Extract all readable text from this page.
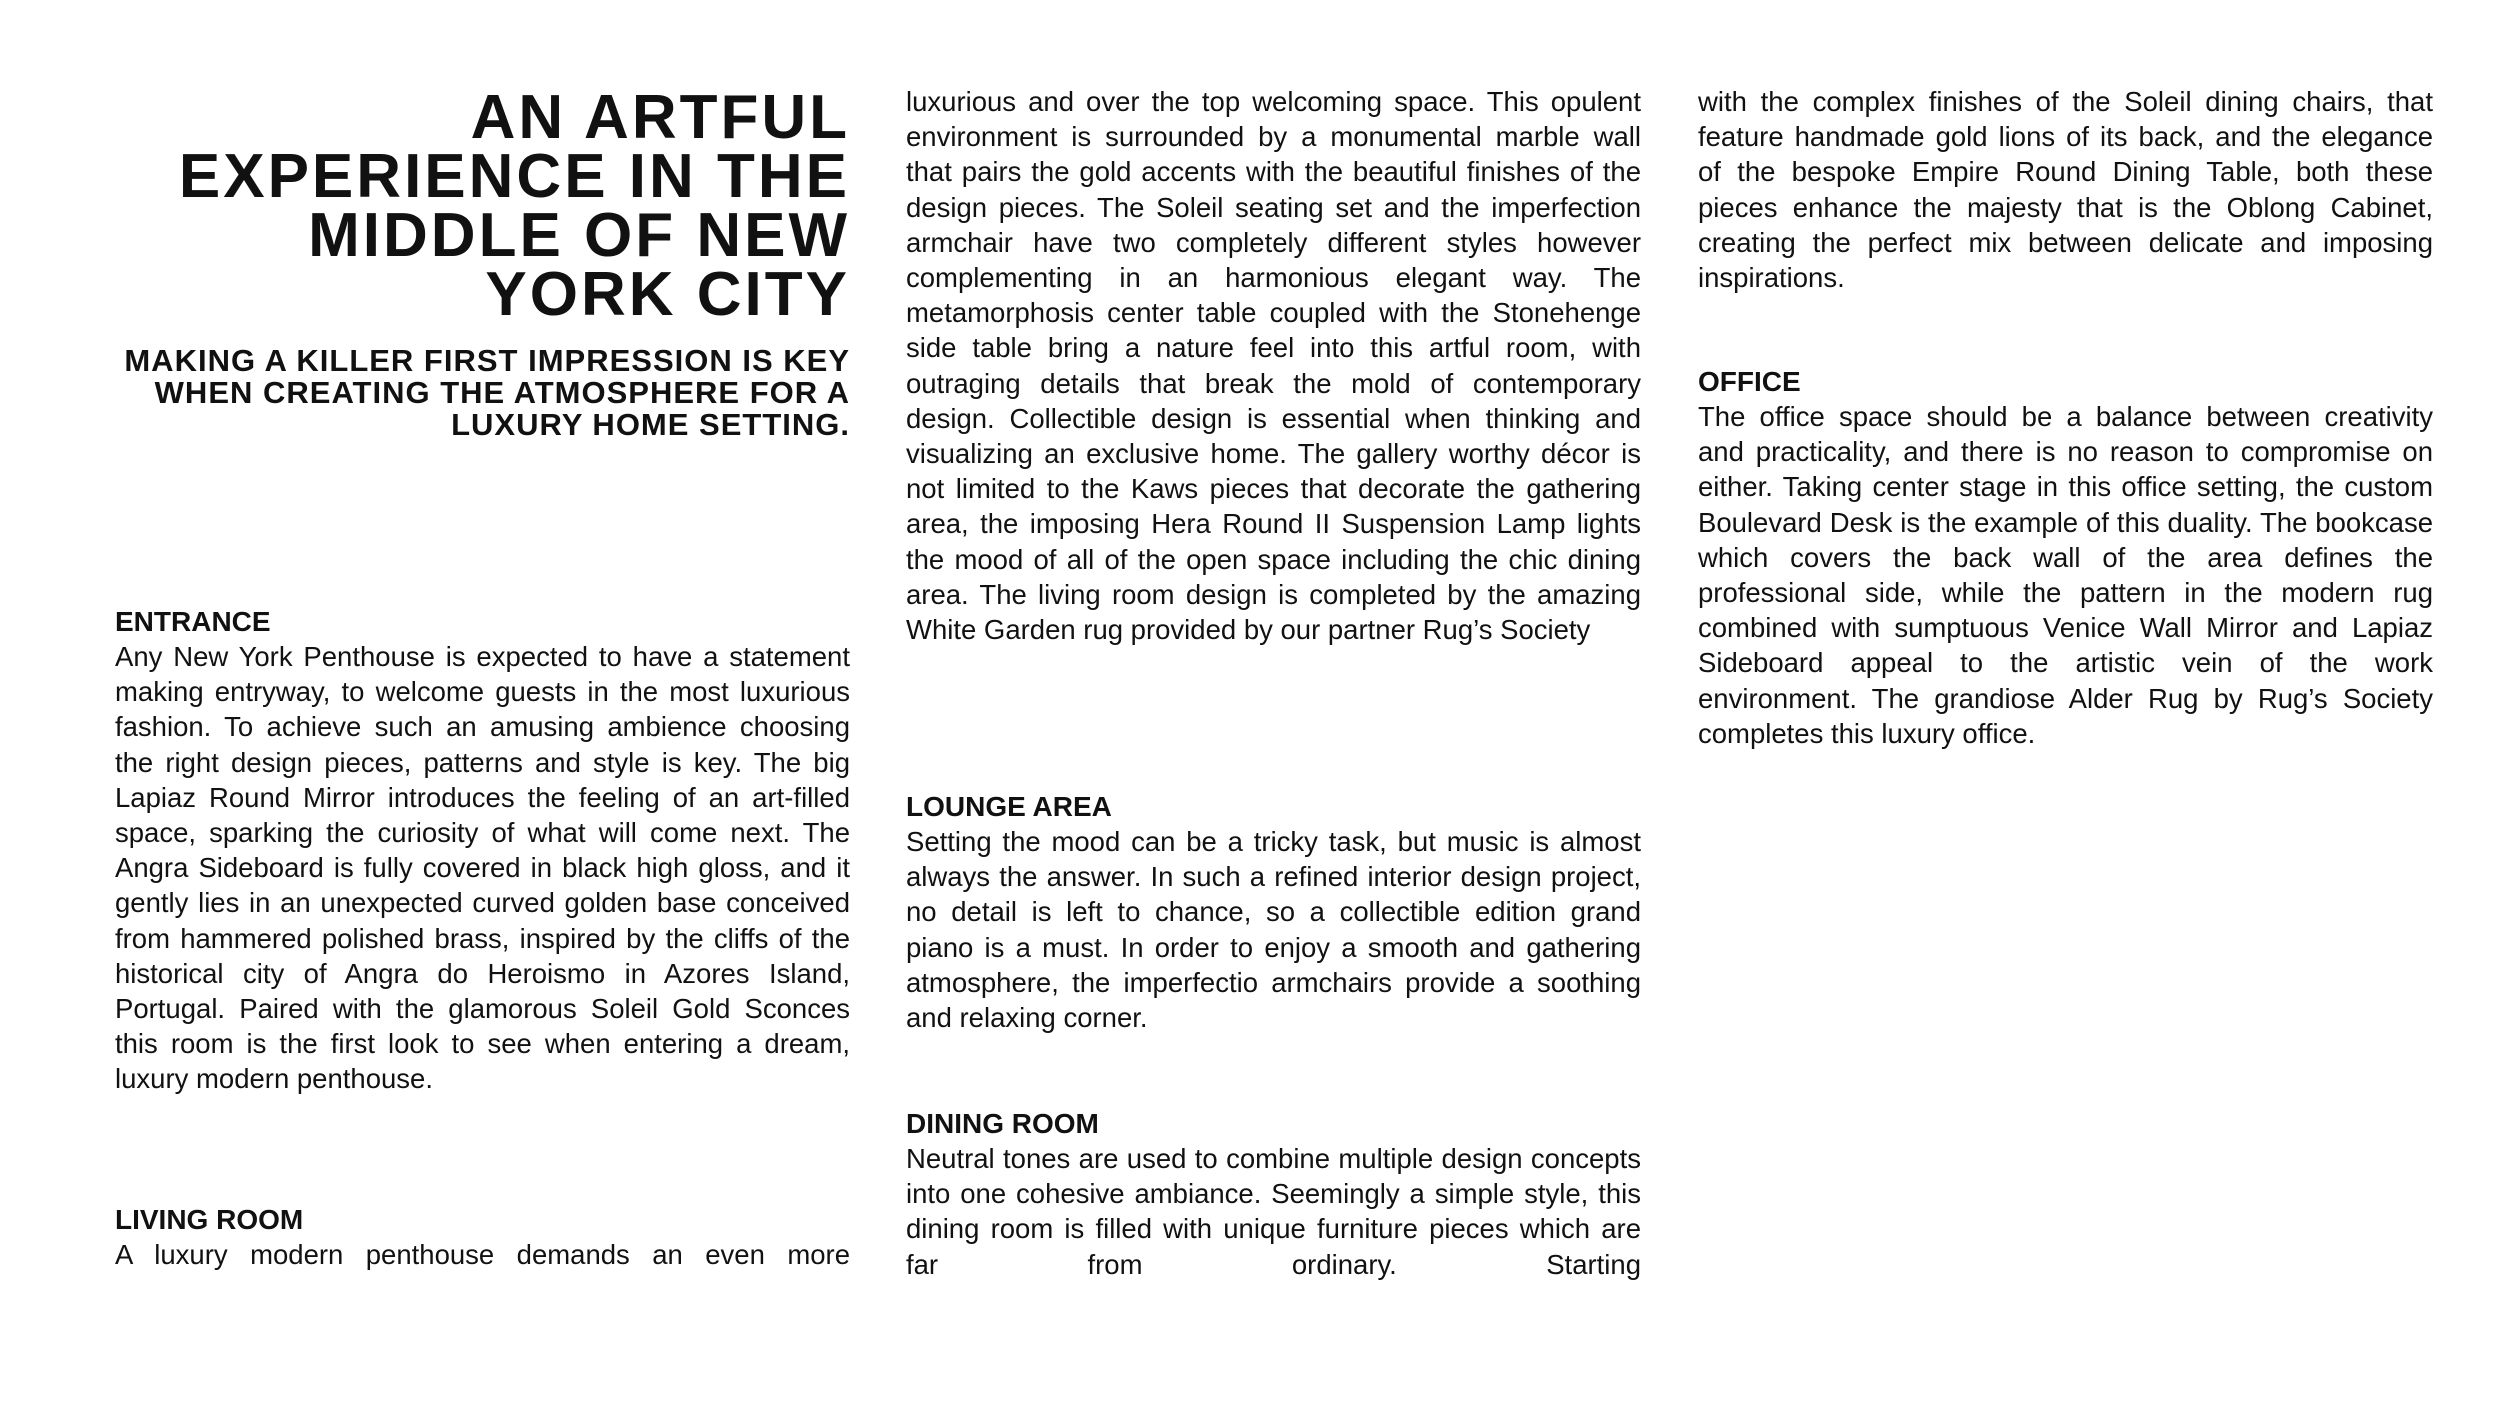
AN ARTFUL EXPERIENCE IN THE MIDDLE OF NEW YORK CITY
MAKING A KILLER FIRST IMPRESSION IS KEY WHEN CREATING THE ATMOSPHERE FOR A LUXURY HOME SETTING.
ENTRANCE

Any New York Penthouse is expected to have a statement making entryway, to welcome guests in the most luxurious fashion. To achieve such an amusing ambience choosing the right design pieces, patterns and style is key. The big Lapiaz Round Mirror introduces the feeling of an art-filled space, sparking the curiosity of what will come next. The Angra Sideboard is fully covered in black high gloss, and it gently lies in an unexpected curved golden base conceived from hammered polished brass, inspired by the cliffs of the historical city of Angra do Heroismo in Azores Island, Portugal. Paired with the glamorous Soleil Gold Sconces this room is the first look to see when entering a dream, luxury modern penthouse.

LIVING ROOM

A luxury modern penthouse demands an even more

luxurious and over the top welcoming space. This opulent environment is surrounded by a monumental marble wall that pairs the gold accents with the beautiful finishes of the design pieces. The Soleil seating set and the imperfection armchair have two completely different styles however complementing in an harmonious elegant way. The metamorphosis center table coupled with the Stonehenge side table bring a nature feel into this artful room, with outraging details that break the mold of contemporary design. Collectible design is essential when thinking and visualizing an exclusive home. The gallery worthy décor is not limited to the Kaws pieces that decorate the gathering area, the imposing Hera Round II Suspension Lamp lights the mood of all of the open space including the chic dining area. The living room design is completed by the amazing White Garden rug provided by our partner Rug’s Society

LOUNGE AREA

Setting the mood can be a tricky task, but music is almost always the answer. In such a refined interior design project, no detail is left to chance, so a collectible edition grand piano is a must. In order to enjoy a smooth and gathering atmosphere, the imperfectio armchairs provide a soothing and relaxing corner.

DINING ROOM

Neutral tones are used to combine multiple design concepts into one cohesive ambiance. Seemingly a simple style, this dining room is filled with unique furniture pieces which are far from ordinary. Starting

with the complex finishes of the Soleil dining chairs, that feature handmade gold lions of its back, and the elegance of the bespoke Empire Round Dining Table, both these pieces enhance the majesty that is the Oblong Cabinet, creating the perfect mix between delicate and imposing inspirations.

OFFICE

The office space should be a balance between creativity and practicality, and there is no reason to compromise on either. Taking center stage in this office setting, the custom Boulevard Desk is the example of this duality. The bookcase which covers the back wall of the area defines the professional side, while the pattern in the modern rug combined with sumptuous Venice Wall Mirror and Lapiaz Sideboard appeal to the artistic vein of the work environment. The grandiose Alder Rug by Rug’s Society completes this luxury office.
